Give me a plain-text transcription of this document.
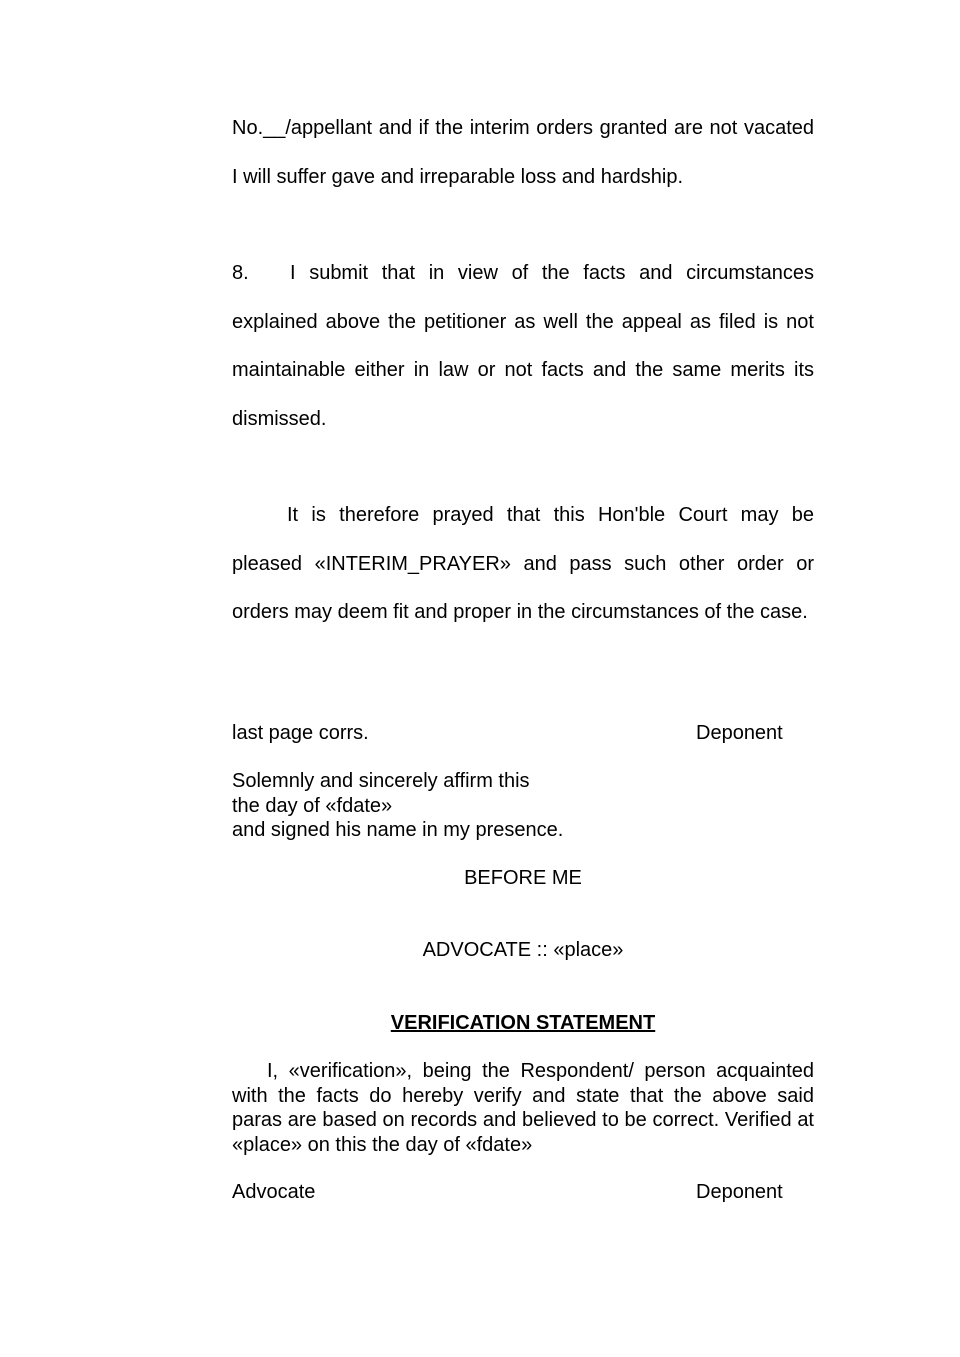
No.__/appellant and if the interim orders granted are not vacated I will suffer gave and irreparable loss and hardship.
8. I submit that in view of the facts and circumstances explained above the petitioner as well the appeal as filed is not maintainable either in law or not facts and the same merits its dismissed.
It is therefore prayed that this Hon'ble Court may be pleased «INTERIM_PRAYER» and pass such other order or orders may deem fit and proper in the circumstances of the case.
last page corrs.	Deponent
Solemnly and sincerely affirm this
the day of «fdate»
and signed his name in my presence.
BEFORE ME
ADVOCATE :: «place»
VERIFICATION STATEMENT
I, «verification», being the Respondent/ person acquainted with the facts do hereby verify and state that the above said paras are based on records and believed to be correct. Verified at «place» on this the day of «fdate»
Advocate	Deponent
